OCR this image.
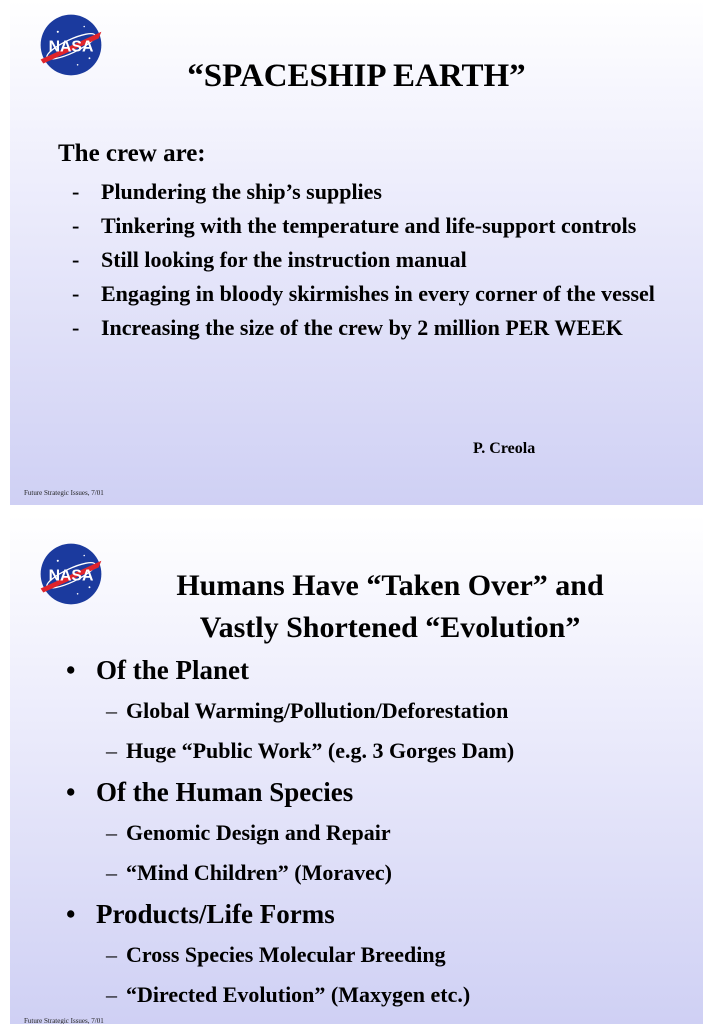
NASA
“SPACESHIP EARTH”

The crew are:

- Plundering the ship’s supplies
- Tinkering with the temperature and life-support controls
- Still looking for the instruction manual
- Engaging in bloody skirmishes in every corner of the vessel
- Increasing the size of the crew by 2 million PER WEEK
P. Creola
Future Strategic Issues, 7/01
NASA	Humans Have “Taken Over” and
Vastly Shortened “Evolution”
• Of the Planet
– Global Warming/Pollution/Deforestation
– Huge “Public Work” (e.g. 3 Gorges Dam)
• Of the Human Species
– Genomic Design and Repair
– “Mind Children” (Moravec)
• Products/Life Forms
– Cross Species Molecular Breeding
– “Directed Evolution” (Maxygen etc.)
Future Strategic Issues, 7/01
